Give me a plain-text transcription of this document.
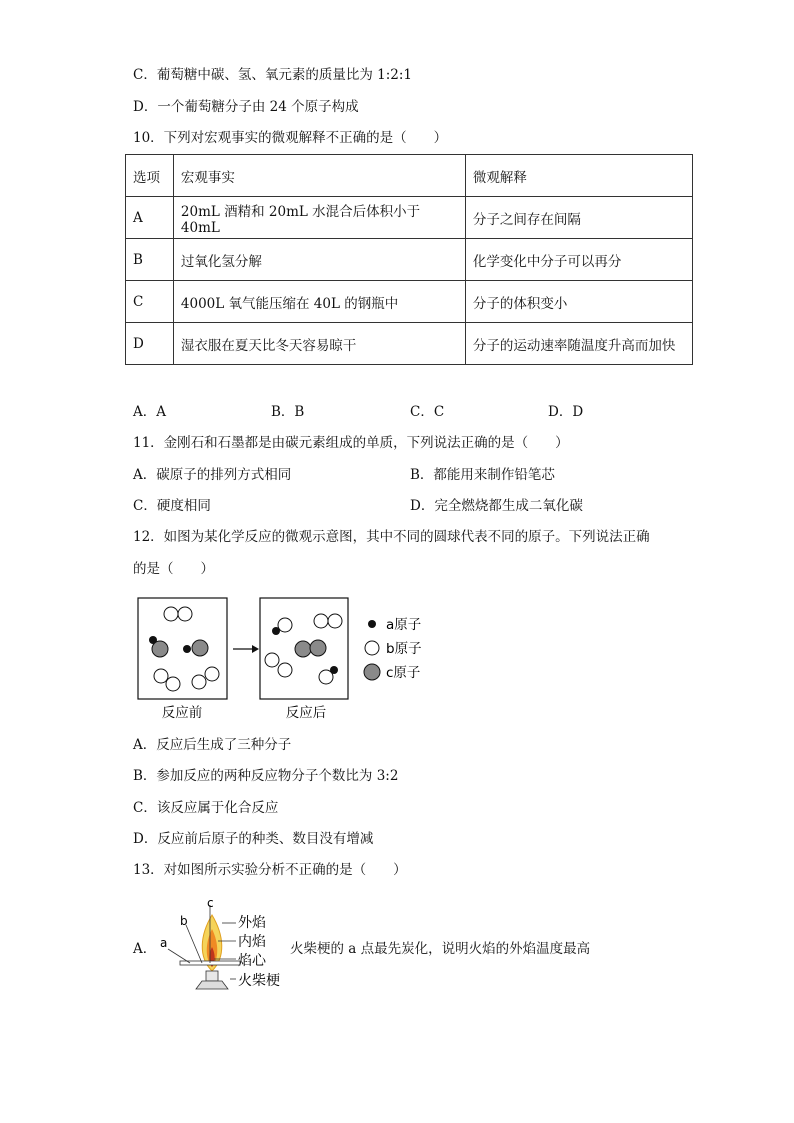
C．葡萄糖中碳、氢、氧元素的质量比为 1:2:1
D．一个葡萄糖分子由 24 个原子构成
10．下列对宏观事实的微观解释不正确的是（　　）
选项	宏观事实	微观解释
A	20mL 酒精和 20mL 水混合后体积小于 40mL	分子之间存在间隔
B	过氧化氢分解	化学变化中分子可以再分
C	4000L 氧气能压缩在 40L 的钢瓶中	分子的体积变小
D	湿衣服在夏天比冬天容易晾干	分子的运动速率随温度升高而加快
A．A	B．B	C．C	D．D
11．金刚石和石墨都是由碳元素组成的单质，下列说法正确的是（　　）
A．碳原子的排列方式相同	B．都能用来制作铅笔芯
C．硬度相同	D．完全燃烧都生成二氧化碳
12．如图为某化学反应的微观示意图，其中不同的圆球代表不同的原子。下列说法正确
的是（　　）
反应前	反应后
a原子
b原子
c原子
A．反应后生成了三种分子
B．参加反应的两种反应物分子个数比为 3:2
C．该反应属于化合反应
D．反应前后原子的种类、数目没有增减
13．对如图所示实验分析不正确的是（　　）
A．
c
b
a
外焰
内焰
焰心
火柴梗
火柴梗的 a 点最先炭化，说明火焰的外焰温度最高
